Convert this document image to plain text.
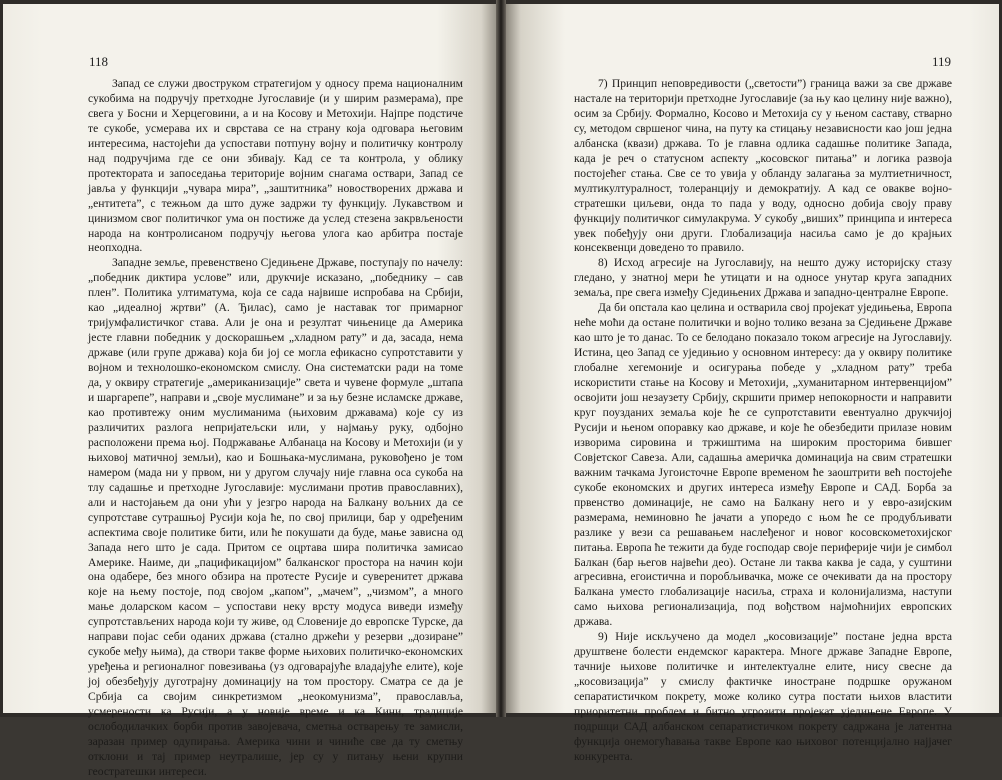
118

Запад се служи двоструком стратегијом у односу према националним сукобима на подручју претходне Југославије (и у ширим размерама), пре свега у Босни и Херцеговини, а и на Косову и Метохији. Најпре подстиче те сукобе, усмерава их и сврстава се на страну која одговара његовим интересима, настојећи да успостави потпуну војну и политичку контролу над подручјима где се они збивају. Кад се та контрола, у облику протектората и запоседања територије војним снагама оствари, Запад се јавља у функцији „чувара мира”, „заштитника” новостворених држава и „ентитета”, с тежњом да што дуже задржи ту функцију. Лукавством и цинизмом свог политичког ума он постиже да услед стезена закрвљености народа на контролисаном подручју његова улога као арбитра постаје неопходна.

Западне земље, превенствено Сједињене Државе, поступају по начелу: „победник диктира услове” или, друкчије исказано, „победнику – сав плен”. Политика ултиматума, која се сада највише испробава на Србији, као „идеалној жртви” (А. Ђилас), само је наставак тог примарног тријумфалистичког става. Али је она и резултат чињенице да Америка јесте главни победник у доскорашњем „хладном рату” и да, засада, нема државе (или групе држава) која би јој се могла ефикасно супротставити у војном и технолошко-економском смислу. Она систематски ради на томе да, у оквиру стратегије „американизације” света и чувене формуле „штапа и шаргарепе”, направи и „своје муслимане” и за њу безне исламске државе, као противтежу оним муслиманима (њиховим државама) које су из различитих разлога непријатељски или, у најмању руку, одбојно расположени према њој. Подржавање Албанаца на Косову и Метохији (и у њиховој матичној земљи), као и Бошњака-муслимана, руковођено је том намером (мада ни у првом, ни у другом случају није главна оса сукоба на тлу садашње и претходне Југославије: муслимани против православних), али и настојањем да они ући у језгро народа на Балкану вољних да се супротставе сутрашњој Русији која ће, по свој прилици, бар у одређеним аспектима своје политике бити, или ће покушати да буде, мање зависна од Запада него што је сада. Притом се оцртава шира политичка замисао Америке. Наиме, ди „пацификацијом” балканског простора на начин који она одабере, без много обзира на протесте Русије и суверенитет држава које на њему постоје, под својом „капом”, „мачем”, „чизмом”, а много мање доларском касом – успостави неку врсту модуса виведи између супротстављених народа који ту живе, од Словеније до европске Турске, да направи појас себи одaних држава (стално држећи у резерви „дозиране” сукобе међу њима), да створи такве форме њихових политичко-економских уређења и регионалног повезивања (уз одговарајуће владајуће елите), које јој обезбеђују дуготрајну доминацију на том простору. Сматра се да је Србија са својим синкретизмом „неокомунизма”, православља, усмерености ка Русији, а у новије време и ка Кини, традицијe ослободилачких борби против завојевача, сметња остварењу те замисли, заразан пример одупирања. Америка чини и чиниће све да ту сметњу отклони и тај пример неутралише, јер су у питању њени крупни геостратешки интереси.

119

7) Принцип неповредивости („светости”) граница важи за све државе настале на територији претходне Југославије (за њу као целину није важно), осим за Србију. Формално, Косово и Метохија су у њеном саставу, стварно су, методом свршеног чина, на путу ка стицању независности као још једна албанска (квази) држава. То је главна одлика садашње политике Запада, када је реч о статусном аспекту „косовског питања” и логика развоја постојећег стања. Све се то увија у обланду залагања за мултиетничност, мултикултуралност, толеранцију и демократију. А кад се овакве војно-стратешки циљеви, онда то пада у воду, односно добија своју праву функцију политичког симулакрума. У сукобу „виших” принципа и интереса увек побеђују они други. Глобализација насиља само је до крајњих консеквенци доведено то правило.

8) Исход агресије на Југославију, на нешто дужу историјску стазу гледано, у знатној мери ће утицати и на односе унутар круга западних земаља, пре свега између Сједињених Држава и западно-централне Европе.

Да би опстала као целина и остварила свој пројекат уједињења, Европа неће моћи да остане политички и војно толико везана за Сједињене Државе као што је то данас. То се белодано показало током агресије на Југославију. Истина, цео Запад се уједињио у основном интересу: да у оквиру политике глобалне хегемоније и осигурања победе у „хладном рату” треба искористити стање на Косову и Метохији, „хуманитарном интервенцијом” освојити још незаузету Србију, скршити пример непокорности и направити круг поузданих земаља које ће се супротставити евентуалнo друкчијој Русији и њеном опоравку као државе, и које ће обезбедити прилазе новим изворима сировина и тржиштима на широким просторима бившег Совјетског Савеза. Али, садашња америчка доминација на свим стратешки важним тачкама Југоисточне Европе временом ће заоштрити већ постојеће сукобе економских и других интереса између Европе и САД. Борба за првенство доминације, не само на Балкану него и у евро-азијским размерама, неминовно ће јачати а упоредо с њом ће се продубљивати разлике у вези са решавањем наслеђеног и новог косовскометохијског питања. Европа ће тежити да буде господар своје периферије чији је симбол Балкан (бар његов највећи део). Остане ли таква каква је сада, у суштини агресивна, егоистична и поробљивачка, може се очекивати да на простору Балкана уместо глобализације насиља, страха и колонијализма, наступи само њихова регионализација, под вођством најмоћнијих европских држава.

9) Није искључено да модел „косовизације” постане једна врста друштвене болести ендемског карактера. Многе државе Западне Европе, тачније њихове политичке и интелектуалне елите, нису свесне да „косовизација” у смислу фактичке иностране подршке оружаном сепаратистичком покрету, може колико сутра постати њихов властити приоритетни проблем и битно угрозити пројекат уједињене Европе. У подршци САД албанском сепаратистичком покрету садржана је латентна функција онемогућавања такве Европе као њиховог потенцијално најјачег конкурента.
